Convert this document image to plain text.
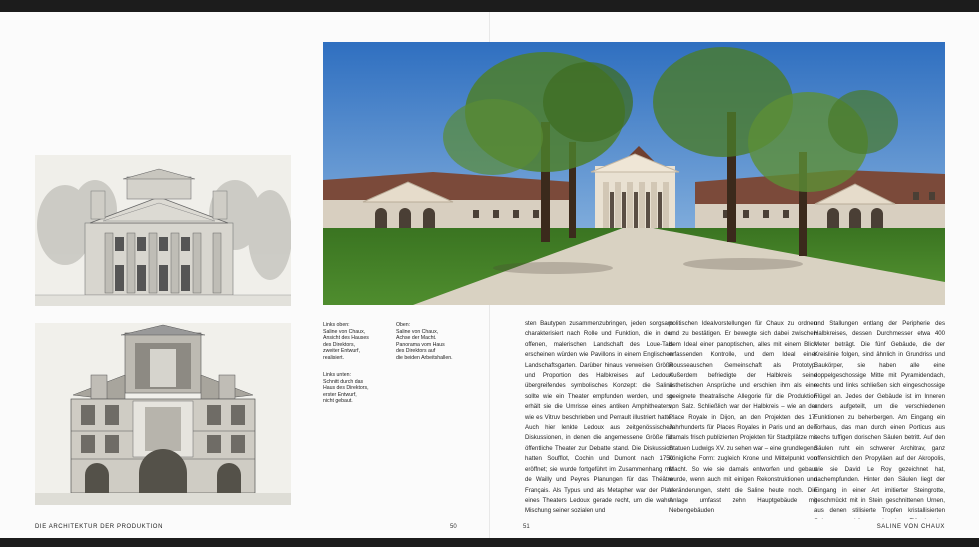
Links oben:
Saline von Chaux,
Ansicht des Hauses
des Direktors,
zweiter Entwurf,
realisiert.
Links unten:
Schnitt durch das
Haus des Direktors,
erster Entwurf,
nicht gebaut.
Oben:
Saline von Chaux,
Achse der Macht.
Panorama vom Haus
des Direktors auf
die beiden Arbeitshallen.
sten Bautypen zusammenzubringen, jeden sorgsam charakterisiert nach Rolle und Funktion, die in der offenen, malerischen Landschaft des Loue-Tals erscheinen würden wie Pavillons in einem Englischen Landschaftsgarten. Darüber hinaus verweisen Größe und Proportion des Halbkreises auf Ledoux' übergreifendes symbolisches Konzept: die Saline sollte wie ein Theater empfunden werden, und so erhält sie die Umrisse eines antiken Amphitheaters, wie es Vitruv beschrieben und Perrault illustriert hatte. Auch hier lenkte Ledoux aus zeitgenössischen Diskussionen, in denen die angemessene Größe für öffentliche Theater zur Debatte stand. Die Diskussion hatten Soufflot, Cochin und Dumont nach 1750 eröffnet; sie wurde fortgeführt im Zusammenhang mit de Wailly und Peyres Planungen für das Théâtre Français. Als Typus und als Metapher war der Plan eines Theaters Ledoux gerade recht, um die wahre Mischung seiner sozialen und
politischen Idealvorstellungen für Chaux zu ordnen und zu bestätigen. Er bewegte sich dabei zwischen dem Ideal einer panoptischen, alles mit einem Blick erfassenden Kontrolle, und dem Ideal einer Rousseauschen Gemeinschaft als Prototyp. Außerdem befriedigte der Halbkreis seine ästhetischen Ansprüche und erschien ihm als eine geeignete theatralische Allegorie für die Produktion von Salz. Schließlich war der Halbkreis – wie an der Place Royale in Dijon, an den Projekten des 17. Jahrhunderts für Places Royales in Paris und an den damals frisch publizierten Projekten für Stadtplätze mit Statuen Ludwigs XV. zu sehen war – eine grundlegend königliche Form: zugleich Krone und Mittelpunkt von Macht. So wie sie damals entworfen und gebaut wurde, wenn auch mit einigen Rekonstruktionen und Veränderungen, steht die Saline heute noch. Die Anlage umfasst zehn Hauptgebäude mit Nebengebäuden
und Stallungen entlang der Peripherie des Halbkreises, dessen Durchmesser etwa 400 Meter beträgt. Die fünf Gebäude, die der Kreislinie folgen, sind ähnlich in Grundriss und Baukörper, sie haben alle eine doppelgeschossige Mitte mit Pyramidendach, rechts und links schließen sich eingeschossige Flügel an. Jedes der Gebäude ist im Inneren anders aufgeteilt, um die verschiedenen Funktionen zu beherbergen. Am Eingang ein Torhaus, das man durch einen Porticus aus sechs tuffigen dorischen Säulen betritt. Auf den Säulen ruht ein schwerer Architrav, ganz offensichtlich den Propyläen auf der Akropolis, wie sie David Le Roy gezeichnet hat, nachempfunden. Hinter den Säulen liegt der Eingang in einer Art imitierter Steingrotte, geschmückt mit in Stein geschnittenen Urnen, aus denen stilisierte Tropfen kristallisierten
DIE ARCHITEKTUR DER PRODUKTION	50	51	SALINE VON CHAUX
